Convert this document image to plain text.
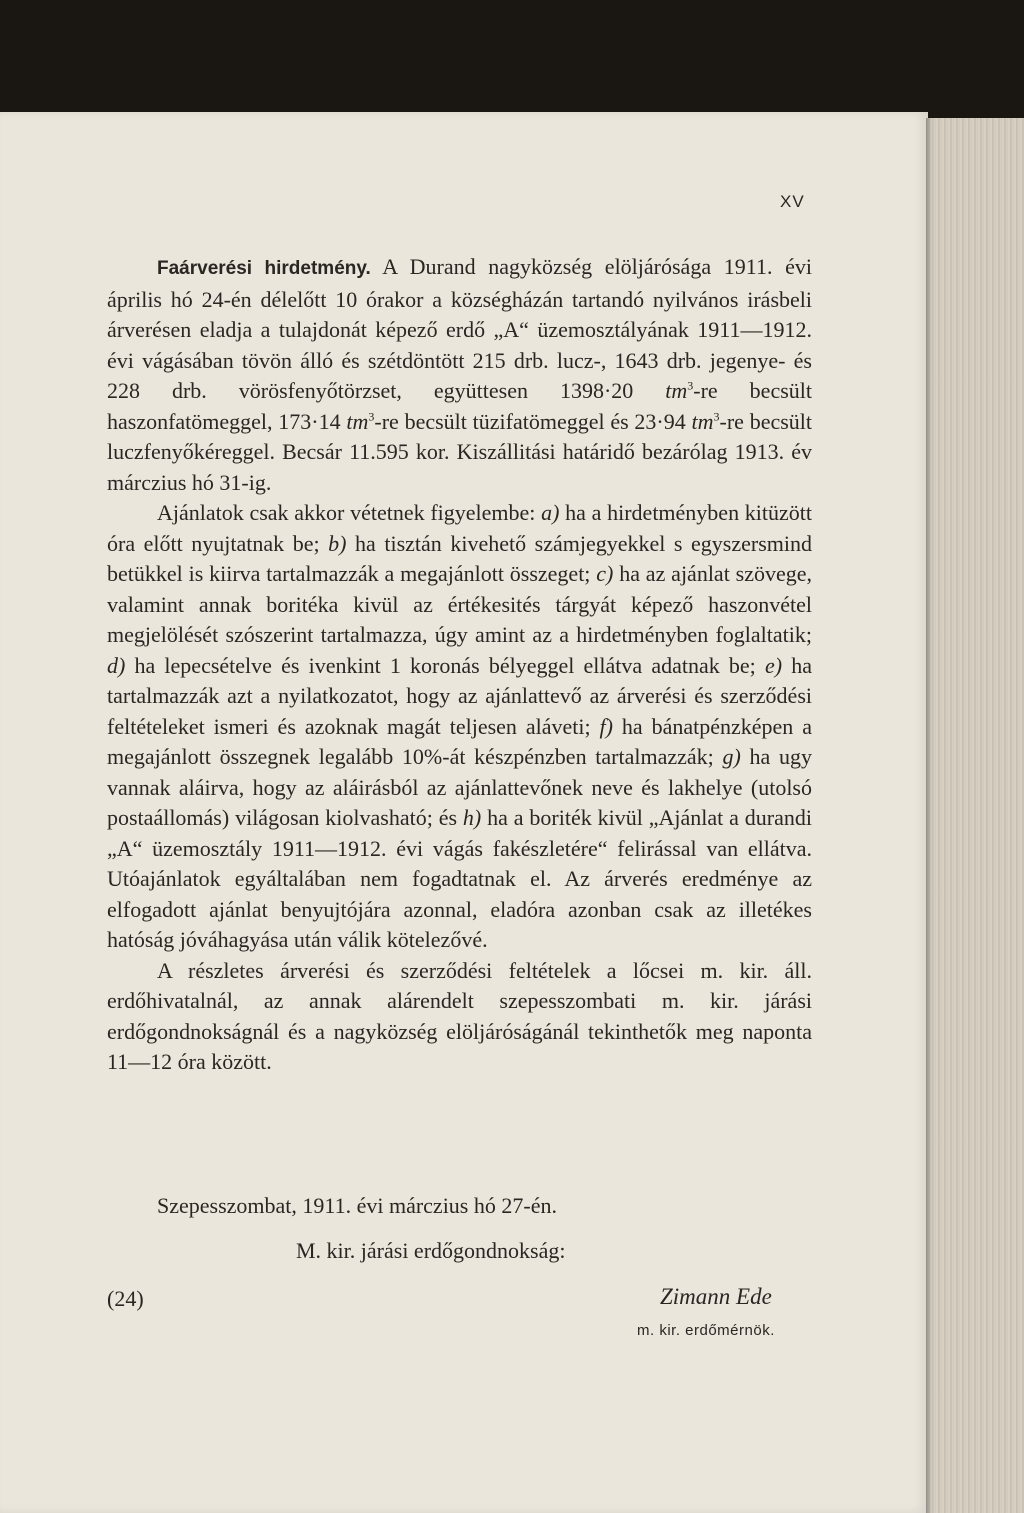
XV

Faárverési hirdetmény. A Durand nagyközség elöljárósága 1911. évi április hó 24-én délelőtt 10 órakor a községházán tartandó nyilvános irásbeli árverésen eladja a tulajdonát képező erdő „A“ üzemosztályának 1911—1912. évi vágásában tövön álló és szétdöntött 215 drb. lucz-, 1643 drb. jegenye- és 228 drb. vörösfenyőtörzset, együttesen 1398·20 $tm^3-re$ becsült haszonfatömeggel, 173·14 $tm^3-re$ becsült tüzifatömeggel és 23·94 $tm^3-re$ becsült luczfenyőkéreggel. Becsár 11.595 kor. Kiszállitási határidő bezárólag 1913. év márczius hó 31-ig.

Ajánlatok csak akkor vétetnek figyelembe: a) ha a hirdetményben kitüzött óra előtt nyujtatnak be; b) ha tisztán kivehető számjegyekkel s egyszersmind betükkel is kiirva tartalmazzák a megajánlott összeget; c) ha az ajánlat szövege, valamint annak boritéka kivül az értékesités tárgyát képező haszonvétel megjelölését szószerint tartalmazza, úgy amint az a hirdetményben foglaltatik; d) ha lepecsételve és ivenkint 1 koronás bélyeggel ellátva adatnak be; e) ha tartalmazzák azt a nyilatkozatot, hogy az ajánlattevő az árverési és szerződési feltételeket ismeri és azoknak magát teljesen aláveti; f) ha bánatpénzképen a megajánlott összegnek legalább 10%-át készpénzben tartalmazzák; g) ha ugy vannak aláirva, hogy az aláirásból az ajánlattevőnek neve és lakhelye (utolsó postaállomás) világosan kiolvasható; és h) ha a boriték kivül „Ajánlat a durandi „A“ üzemosztály 1911—1912. évi vágás fakészletére“ felirással van ellátva. Utóajánlatok egyáltalában nem fogadtatnak el. Az árverés eredménye az elfogadott ajánlat benyujtójára azonnal, eladóra azonban csak az illetékes hatóság jóváhagyása után válik kötelezővé.

A részletes árverési és szerződési feltételek a lőcsei m. kir. áll. erdőhivatalnál, az annak alárendelt szepesszombati m. kir. járási erdőgondnokságnál és a nagyközség elöljáróságánál tekinthetők meg naponta 11—12 óra között.

Szepesszombat, 1911. évi márczius hó 27-én.
M. kir. járási erdőgondnokság:
(24)	Zimann Ede
m. kir. erdőmérnök.
